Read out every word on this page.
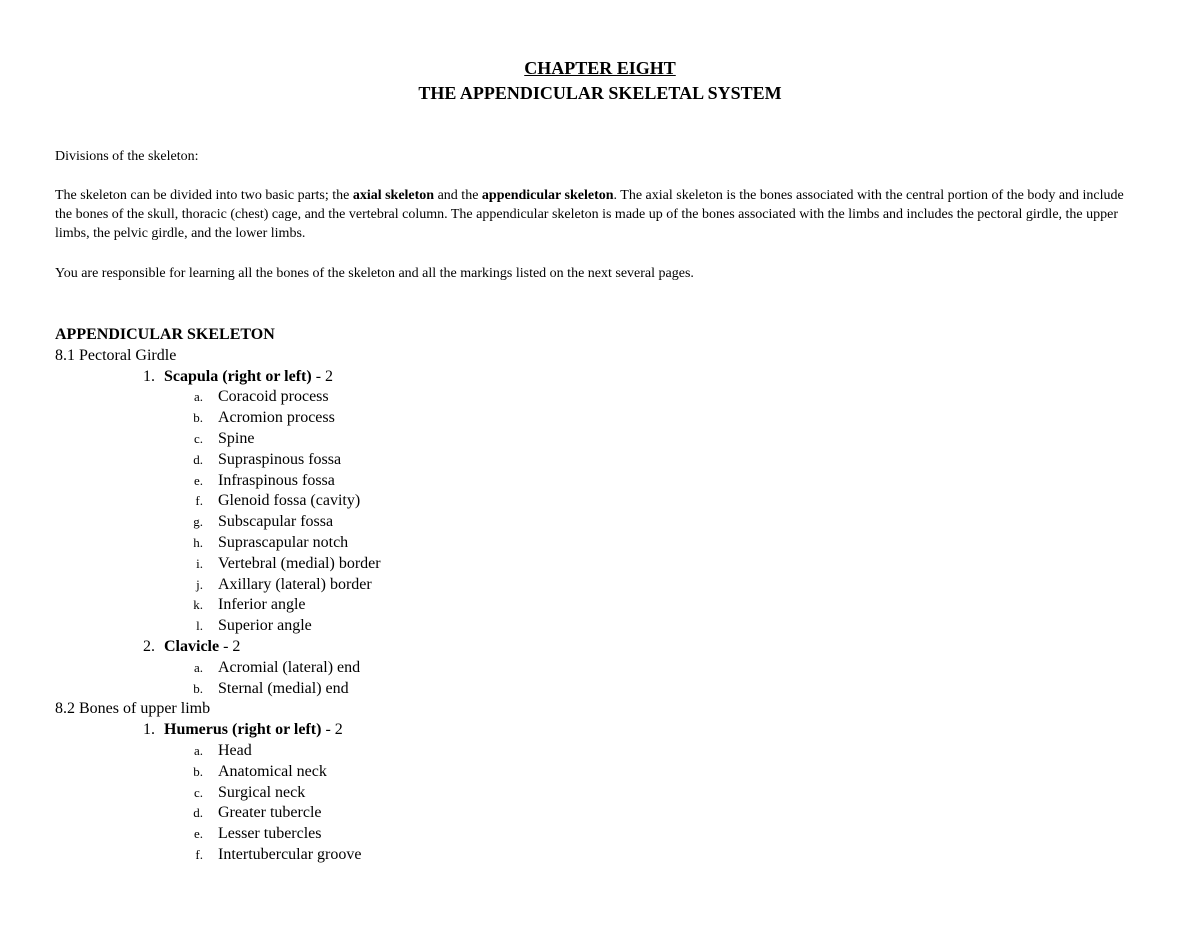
CHAPTER EIGHT
THE APPENDICULAR SKELETAL SYSTEM
Divisions of the skeleton:
The skeleton can be divided into two basic parts; the axial skeleton and the appendicular skeleton. The axial skeleton is the bones associated with the central portion of the body and include the bones of the skull, thoracic (chest) cage, and the vertebral column. The appendicular skeleton is made up of the bones associated with the limbs and includes the pectoral girdle, the upper limbs, the pelvic girdle, and the lower limbs.
You are responsible for learning all the bones of the skeleton and all the markings listed on the next several pages.
APPENDICULAR SKELETON
8.1 Pectoral Girdle
1. Scapula (right or left) - 2
a. Coracoid process
b. Acromion process
c. Spine
d. Supraspinous fossa
e. Infraspinous fossa
f. Glenoid fossa (cavity)
g. Subscapular fossa
h. Suprascapular notch
i. Vertebral (medial) border
j. Axillary (lateral) border
k. Inferior angle
l. Superior angle
2. Clavicle - 2
a. Acromial (lateral) end
b. Sternal (medial) end
8.2 Bones of upper limb
1. Humerus (right or left) - 2
a. Head
b. Anatomical neck
c. Surgical neck
d. Greater tubercle
e. Lesser tubercles
f. Intertubercular groove
